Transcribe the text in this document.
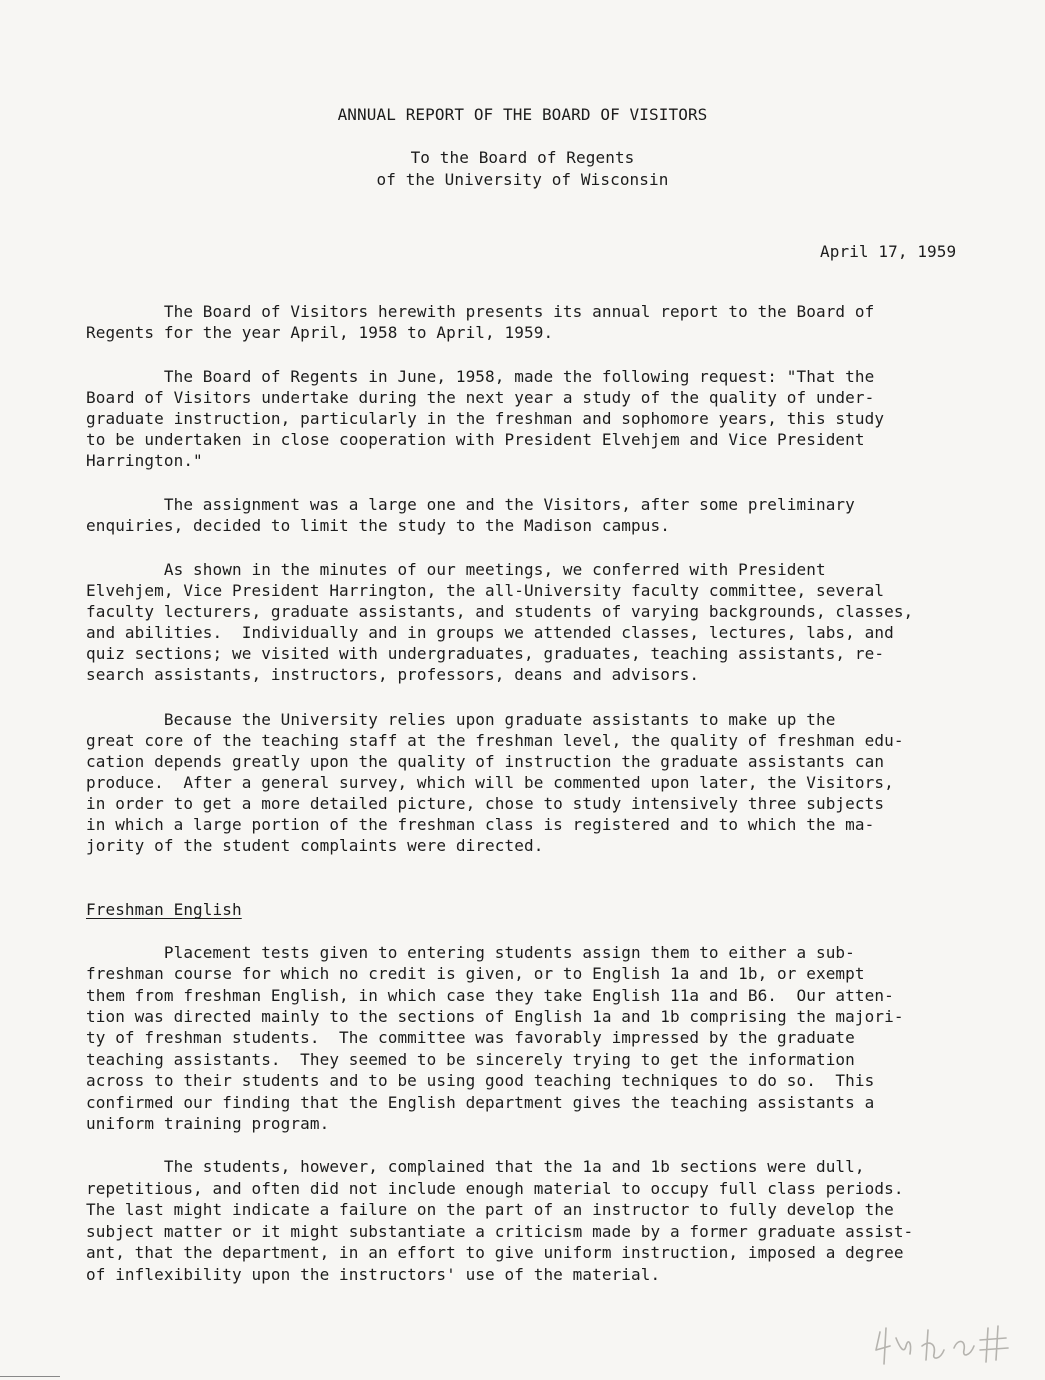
ANNUAL REPORT OF THE BOARD OF VISITORS
To the Board of Regents
of the University of Wisconsin
April 17, 1959
The Board of Visitors herewith presents its annual report to the Board of
Regents for the year April, 1958 to April, 1959.
The Board of Regents in June, 1958, made the following request: "That the
Board of Visitors undertake during the next year a study of the quality of under-
graduate instruction, particularly in the freshman and sophomore years, this study
to be undertaken in close cooperation with President Elvehjem and Vice President
Harrington."
The assignment was a large one and the Visitors, after some preliminary
enquiries, decided to limit the study to the Madison campus.
As shown in the minutes of our meetings, we conferred with President
Elvehjem, Vice President Harrington, the all-University faculty committee, several
faculty lecturers, graduate assistants, and students of varying backgrounds, classes,
and abilities.  Individually and in groups we attended classes, lectures, labs, and
quiz sections; we visited with undergraduates, graduates, teaching assistants, re-
search assistants, instructors, professors, deans and advisors.
Because the University relies upon graduate assistants to make up the
great core of the teaching staff at the freshman level, the quality of freshman edu-
cation depends greatly upon the quality of instruction the graduate assistants can
produce.  After a general survey, which will be commented upon later, the Visitors,
in order to get a more detailed picture, chose to study intensively three subjects
in which a large portion of the freshman class is registered and to which the ma-
jority of the student complaints were directed.
Freshman English
Placement tests given to entering students assign them to either a sub-
freshman course for which no credit is given, or to English 1a and 1b, or exempt
them from freshman English, in which case they take English 11a and B6.  Our atten-
tion was directed mainly to the sections of English 1a and 1b comprising the majori-
ty of freshman students.  The committee was favorably impressed by the graduate
teaching assistants.  They seemed to be sincerely trying to get the information
across to their students and to be using good teaching techniques to do so.  This
confirmed our finding that the English department gives the teaching assistants a
uniform training program.
The students, however, complained that the 1a and 1b sections were dull,
repetitious, and often did not include enough material to occupy full class periods.
The last might indicate a failure on the part of an instructor to fully develop the
subject matter or it might substantiate a criticism made by a former graduate assist-
ant, that the department, in an effort to give uniform instruction, imposed a degree
of inflexibility upon the instructors' use of the material.
